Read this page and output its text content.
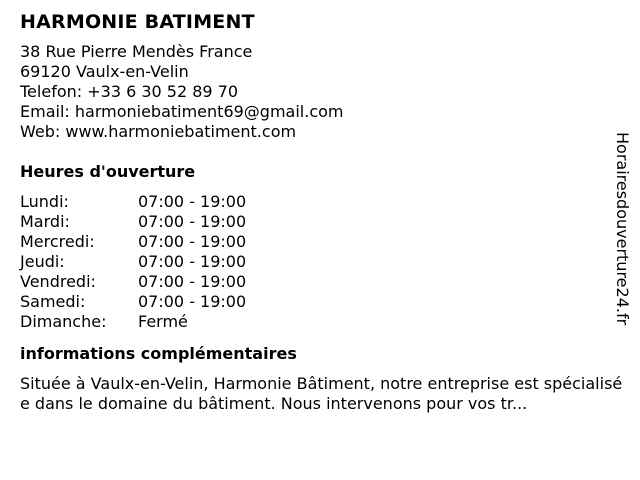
HARMONIE BATIMENT
38 Rue Pierre Mendès France
69120 Vaulx-en-Velin
Telefon: +33 6 30 52 89 70
Email: harmoniebatiment69@gmail.com
Web: www.harmoniebatiment.com
Heures d'ouverture
Lundi:	07:00 - 19:00
Mardi:	07:00 - 19:00
Mercredi:	07:00 - 19:00
Jeudi:	07:00 - 19:00
Vendredi:	07:00 - 19:00
Samedi:	07:00 - 19:00
Dimanche:	Fermé
informations complémentaires
Située à Vaulx-en-Velin, Harmonie Bâtiment, notre entreprise est spécialisée dans le domaine du bâtiment. Nous intervenons pour vos tr...
Horairesdouverture24.fr
